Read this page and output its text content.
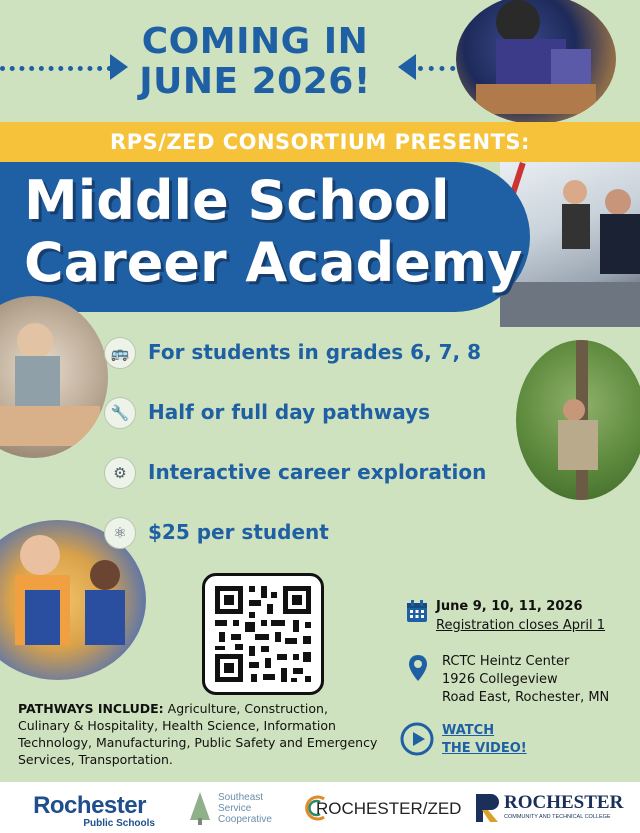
COMING IN
JUNE 2026!
RPS/ZED CONSORTIUM PRESENTS:
Middle School
Career Academy
🚌 For students in grades 6, 7, 8
🔧 Half or full day pathways
⚙ Interactive career exploration
⚛ $25 per student
June 9, 10, 11, 2026
Registration closes April 1
RCTC Heintz Center
1926 Collegeview
Road East, Rochester, MN
WATCH
THE VIDEO!
PATHWAYS INCLUDE: Agriculture, Construction, Culinary & Hospitality, Health Science, Information Technology, Manufacturing, Public Safety and Emergency Services, Transportation.
Rochester
Public Schools
Southeast
Service
Cooperative
ROCHESTER/ZED ROCHESTER
COMMUNITY AND TECHNICAL COLLEGE
